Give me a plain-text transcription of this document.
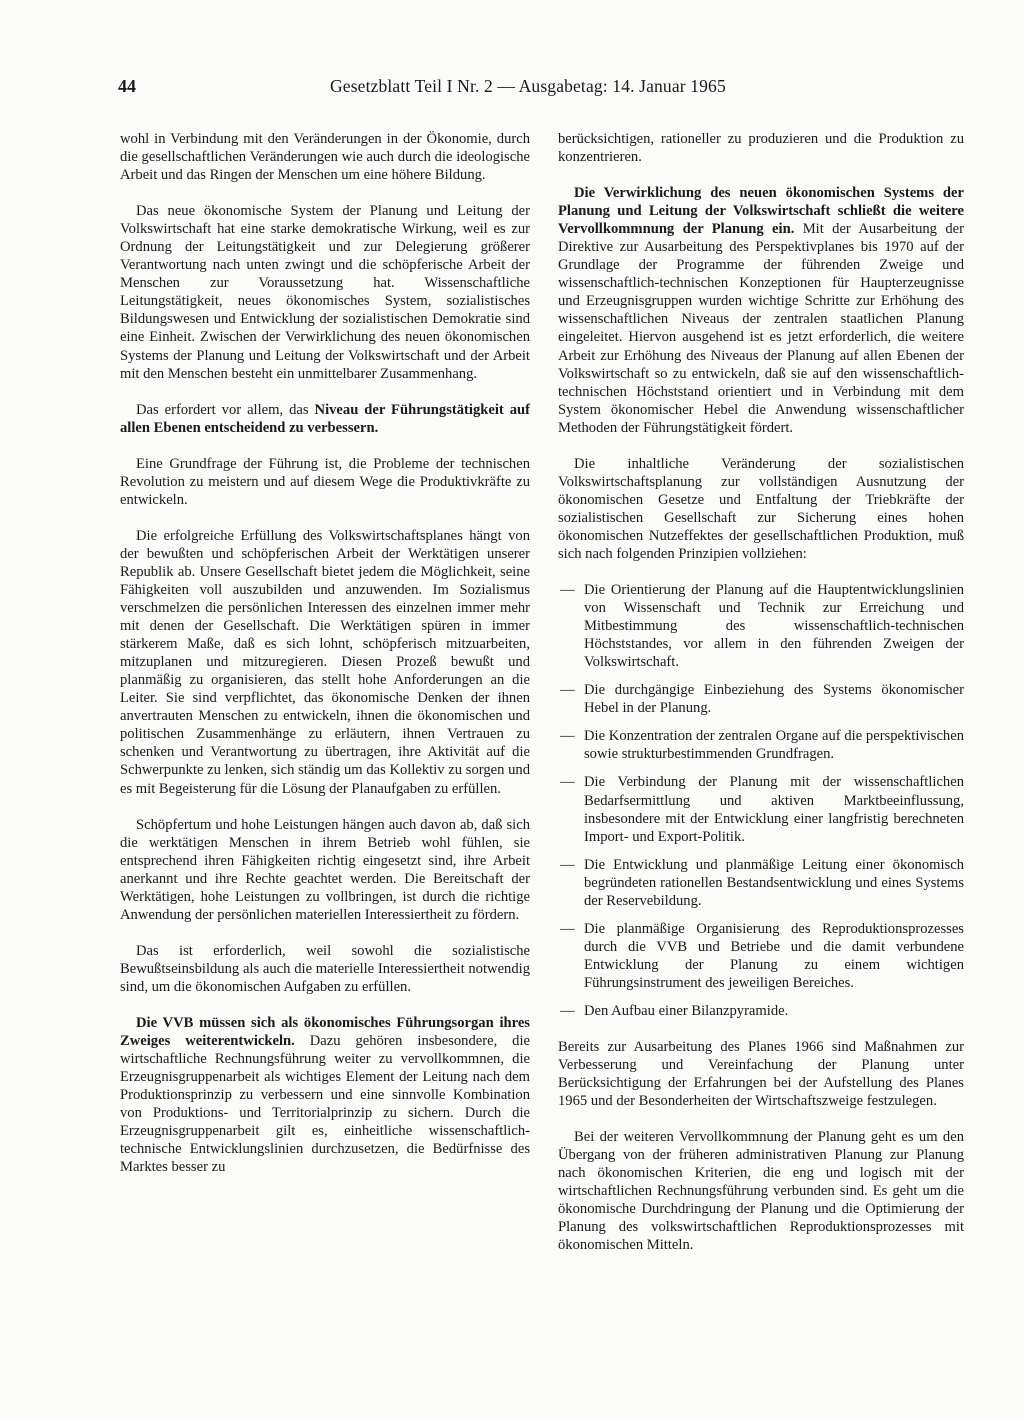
44	Gesetzblatt Teil I Nr. 2 — Ausgabetag: 14. Januar 1965

wohl in Verbindung mit den Veränderungen in der Ökonomie, durch die gesellschaftlichen Veränderungen wie auch durch die ideologische Arbeit und das Ringen der Menschen um eine höhere Bildung.

Das neue ökonomische System der Planung und Leitung der Volkswirtschaft hat eine starke demokratische Wirkung, weil es zur Ordnung der Leitungstätigkeit und zur Delegierung größerer Verantwortung nach unten zwingt und die schöpferische Arbeit der Menschen zur Voraussetzung hat. Wissenschaftliche Leitungstätigkeit, neues ökonomisches System, sozialistisches Bildungswesen und Entwicklung der sozialistischen Demokratie sind eine Einheit. Zwischen der Verwirklichung des neuen ökonomischen Systems der Planung und Leitung der Volkswirtschaft und der Arbeit mit den Menschen besteht ein unmittelbarer Zusammenhang.

Das erfordert vor allem, das Niveau der Führungstätigkeit auf allen Ebenen entscheidend zu verbessern.

Eine Grundfrage der Führung ist, die Probleme der technischen Revolution zu meistern und auf diesem Wege die Produktivkräfte zu entwickeln.

Die erfolgreiche Erfüllung des Volkswirtschaftsplanes hängt von der bewußten und schöpferischen Arbeit der Werktätigen unserer Republik ab. Unsere Gesellschaft bietet jedem die Möglichkeit, seine Fähigkeiten voll auszubilden und anzuwenden. Im Sozialismus verschmelzen die persönlichen Interessen des einzelnen immer mehr mit denen der Gesellschaft. Die Werktätigen spüren in immer stärkerem Maße, daß es sich lohnt, schöpferisch mitzuarbeiten, mitzuplanen und mitzuregieren. Diesen Prozeß bewußt und planmäßig zu organisieren, das stellt hohe Anforderungen an die Leiter. Sie sind verpflichtet, das ökonomische Denken der ihnen anvertrauten Menschen zu entwickeln, ihnen die ökonomischen und politischen Zusammenhänge zu erläutern, ihnen Vertrauen zu schenken und Verantwortung zu übertragen, ihre Aktivität auf die Schwerpunkte zu lenken, sich ständig um das Kollektiv zu sorgen und es mit Begeisterung für die Lösung der Planaufgaben zu erfüllen.

Schöpfertum und hohe Leistungen hängen auch davon ab, daß sich die werktätigen Menschen in ihrem Betrieb wohl fühlen, sie entsprechend ihren Fähigkeiten richtig eingesetzt sind, ihre Arbeit anerkannt und ihre Rechte geachtet werden. Die Bereitschaft der Werktätigen, hohe Leistungen zu vollbringen, ist durch die richtige Anwendung der persönlichen materiellen Interessiertheit zu fördern.

Das ist erforderlich, weil sowohl die sozialistische Bewußtseinsbildung als auch die materielle Interessiertheit notwendig sind, um die ökonomischen Aufgaben zu erfüllen.

Die VVB müssen sich als ökonomisches Führungsorgan ihres Zweiges weiterentwickeln. Dazu gehören insbesondere, die wirtschaftliche Rechnungsführung weiter zu vervollkommnen, die Erzeugnisgruppenarbeit als wichtiges Element der Leitung nach dem Produktionsprinzip zu verbessern und eine sinnvolle Kombination von Produktions- und Territorialprinzip zu sichern. Durch die Erzeugnisgruppenarbeit gilt es, einheitliche wissenschaftlich-technische Entwicklungslinien durchzusetzen, die Bedürfnisse des Marktes besser zu

berücksichtigen, rationeller zu produzieren und die Produktion zu konzentrieren.

Die Verwirklichung des neuen ökonomischen Systems der Planung und Leitung der Volkswirtschaft schließt die weitere Vervollkommnung der Planung ein. Mit der Ausarbeitung der Direktive zur Ausarbeitung des Perspektivplanes bis 1970 auf der Grundlage der Programme der führenden Zweige und wissenschaftlich-technischen Konzeptionen für Haupterzeugnisse und Erzeugnisgruppen wurden wichtige Schritte zur Erhöhung des wissenschaftlichen Niveaus der zentralen staatlichen Planung eingeleitet. Hiervon ausgehend ist es jetzt erforderlich, die weitere Arbeit zur Erhöhung des Niveaus der Planung auf allen Ebenen der Volkswirtschaft so zu entwickeln, daß sie auf den wissenschaftlich-technischen Höchststand orientiert und in Verbindung mit dem System ökonomischer Hebel die Anwendung wissenschaftlicher Methoden der Führungstätigkeit fördert.

Die inhaltliche Veränderung der sozialistischen Volkswirtschaftsplanung zur vollständigen Ausnutzung der ökonomischen Gesetze und Entfaltung der Triebkräfte der sozialistischen Gesellschaft zur Sicherung eines hohen ökonomischen Nutzeffektes der gesellschaftlichen Produktion, muß sich nach folgenden Prinzipien vollziehen:

— Die Orientierung der Planung auf die Hauptentwicklungslinien von Wissenschaft und Technik zur Erreichung und Mitbestimmung des wissenschaftlich-technischen Höchststandes, vor allem in den führenden Zweigen der Volkswirtschaft.
— Die durchgängige Einbeziehung des Systems ökonomischer Hebel in der Planung.
— Die Konzentration der zentralen Organe auf die perspektivischen sowie strukturbestimmenden Grundfragen.
— Die Verbindung der Planung mit der wissenschaftlichen Bedarfsermittlung und aktiven Marktbeeinflussung, insbesondere mit der Entwicklung einer langfristig berechneten Import- und Export-Politik.
— Die Entwicklung und planmäßige Leitung einer ökonomisch begründeten rationellen Bestandsentwicklung und eines Systems der Reservebildung.
— Die planmäßige Organisierung des Reproduktionsprozesses durch die VVB und Betriebe und die damit verbundene Entwicklung der Planung zu einem wichtigen Führungsinstrument des jeweiligen Bereiches.
— Den Aufbau einer Bilanzpyramide.

Bereits zur Ausarbeitung des Planes 1966 sind Maßnahmen zur Verbesserung und Vereinfachung der Planung unter Berücksichtigung der Erfahrungen bei der Aufstellung des Planes 1965 und der Besonderheiten der Wirtschaftszweige festzulegen.

Bei der weiteren Vervollkommnung der Planung geht es um den Übergang von der früheren administrativen Planung zur Planung nach ökonomischen Kriterien, die eng und logisch mit der wirtschaftlichen Rechnungsführung verbunden sind. Es geht um die ökonomische Durchdringung der Planung und die Optimierung der Planung des volkswirtschaftlichen Reproduktionsprozesses mit ökonomischen Mitteln.
